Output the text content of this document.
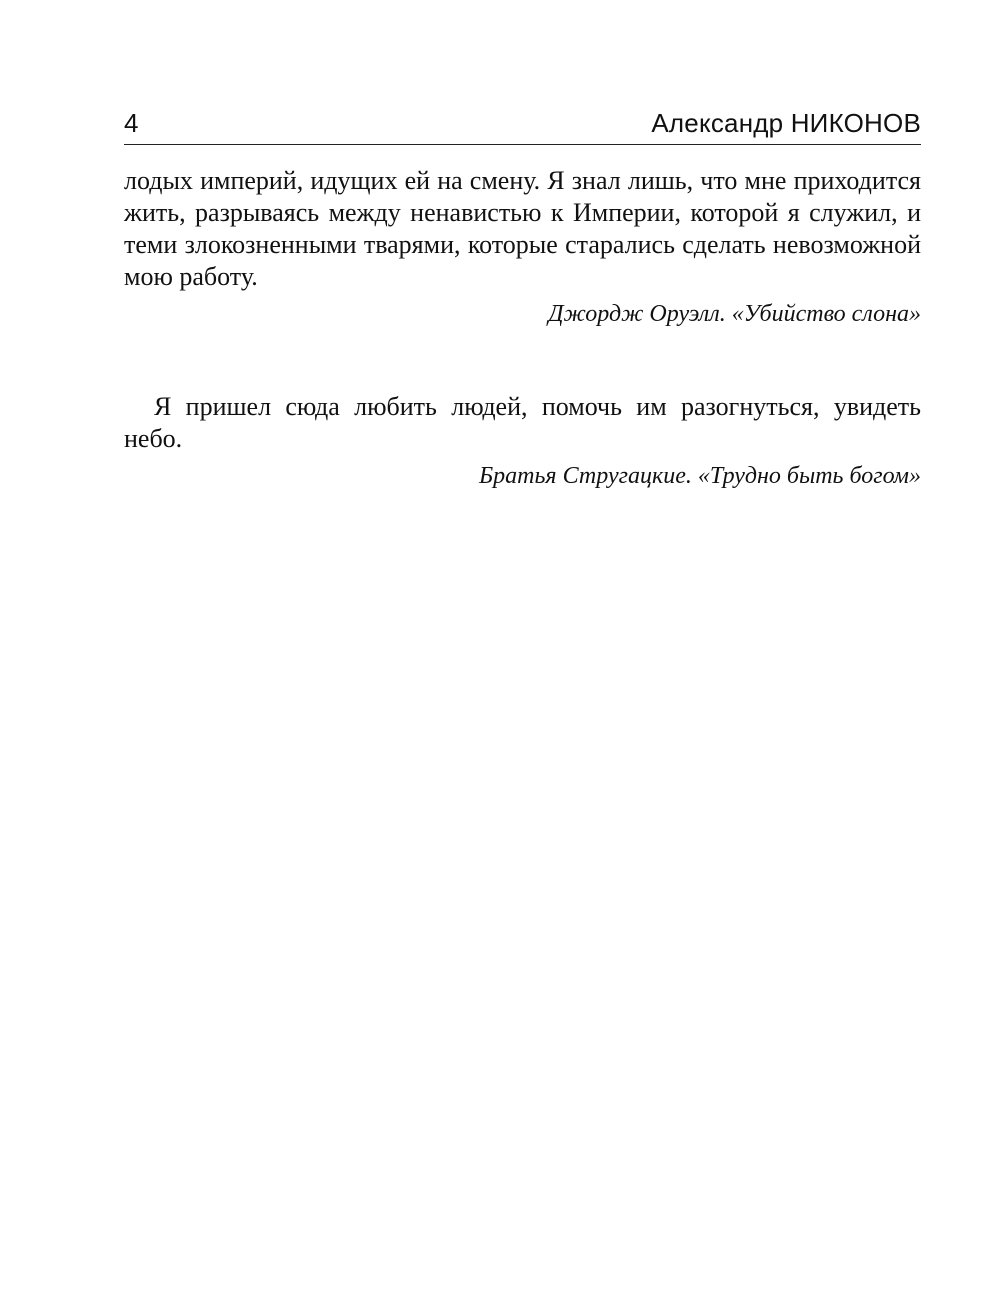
4	Александр НИКОНОВ

лодых империй, идущих ей на смену. Я знал лишь, что мне приходится жить, разрываясь между ненавистью к Империи, которой я служил, и теми злокозненными тварями, которые старались сделать невозможной мою работу.

Джордж Оруэлл. «Убийство слона»

Я пришел сюда любить людей, помочь им разогнуться, увидеть небо.

Братья Стругацкие. «Трудно быть богом»
